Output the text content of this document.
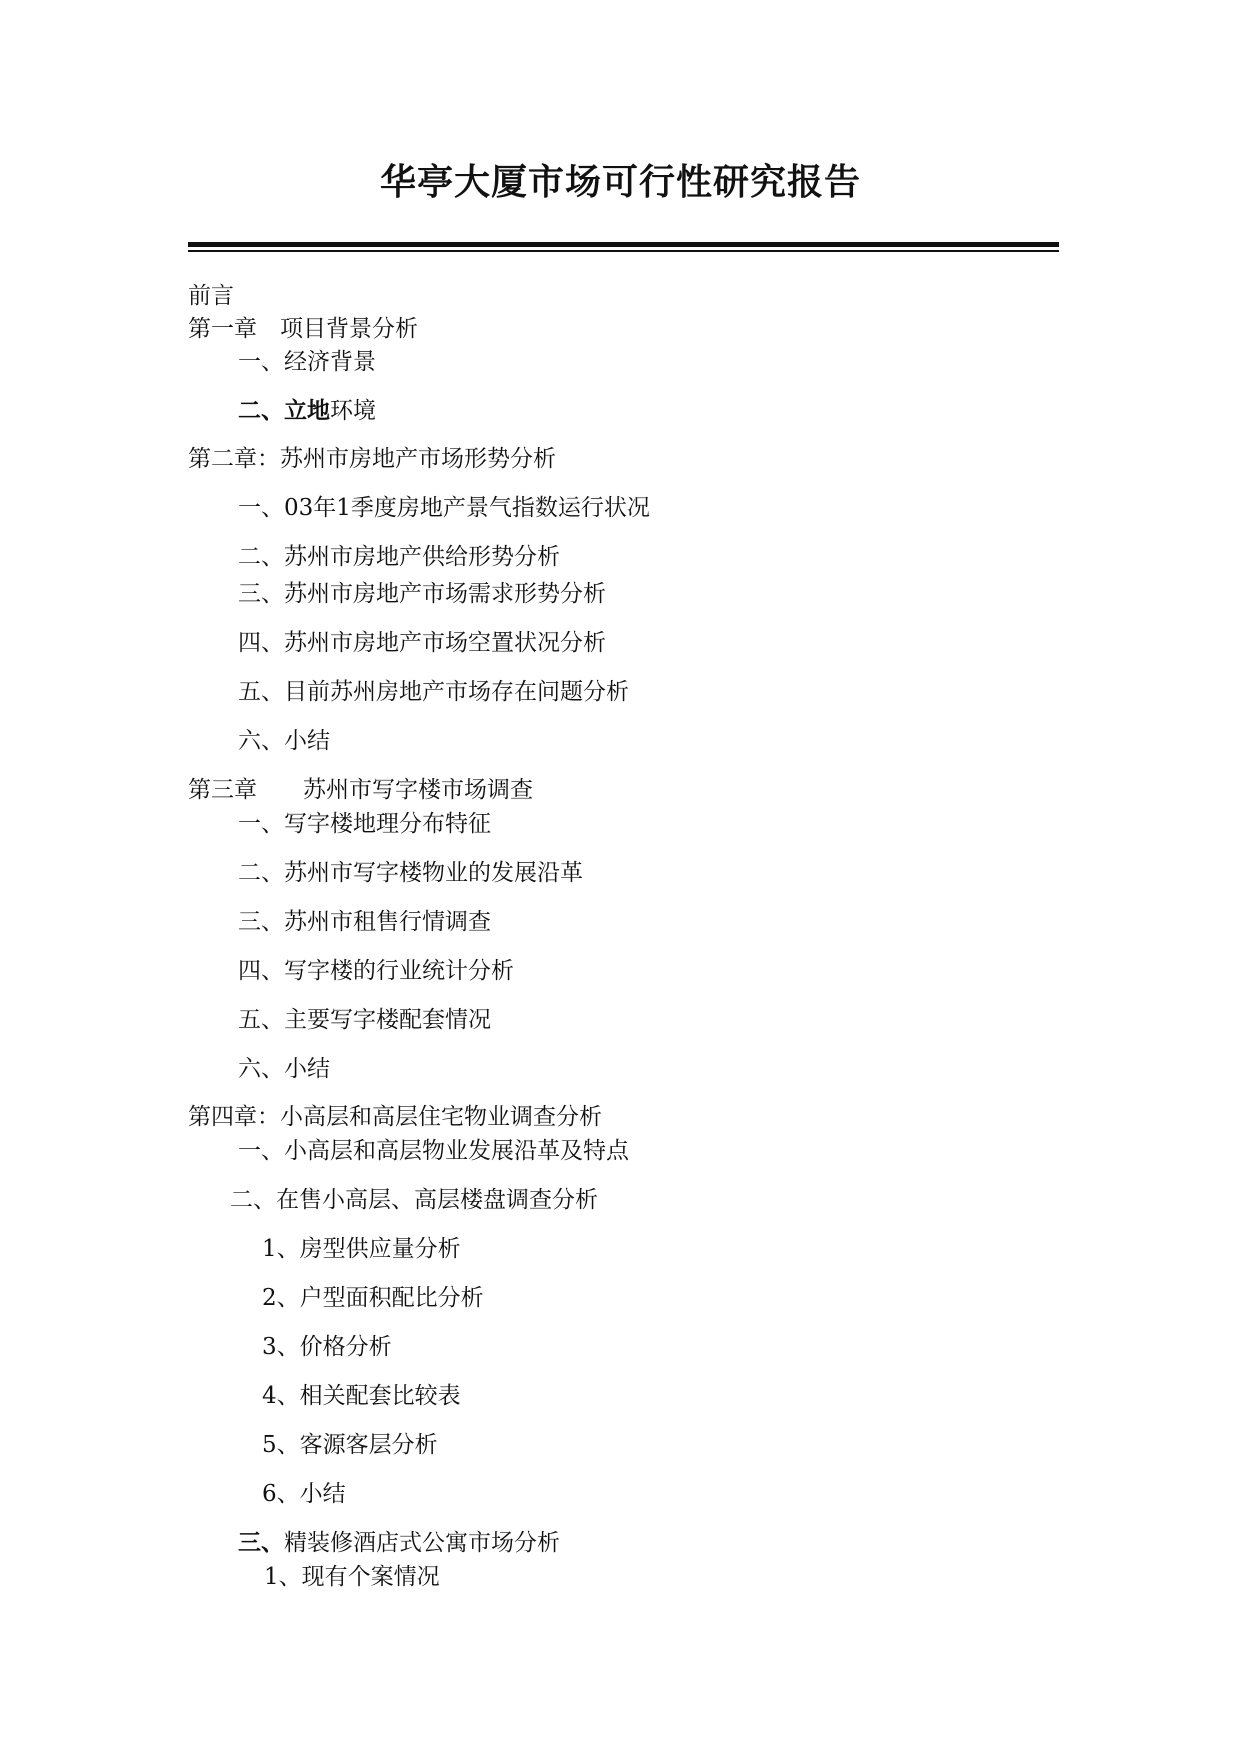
华亭大厦市场可行性研究报告

前言

第一章　项目背景分析

一、经济背景

二、立地环境

第二章：苏州市房地产市场形势分析

一、03年1季度房地产景气指数运行状况

二、苏州市房地产供给形势分析

三、苏州市房地产市场需求形势分析

四、苏州市房地产市场空置状况分析

五、目前苏州房地产市场存在问题分析

六、小结

第三章　　苏州市写字楼市场调查

一、写字楼地理分布特征

二、苏州市写字楼物业的发展沿革

三、苏州市租售行情调查

四、写字楼的行业统计分析

五、主要写字楼配套情况

六、小结

第四章：小高层和高层住宅物业调查分析

一、小高层和高层物业发展沿革及特点

二、在售小高层、高层楼盘调查分析

1、房型供应量分析

2、户型面积配比分析

3、价格分析

4、相关配套比较表

5、客源客层分析

6、小结

三、精装修酒店式公寓市场分析

1、现有个案情况
